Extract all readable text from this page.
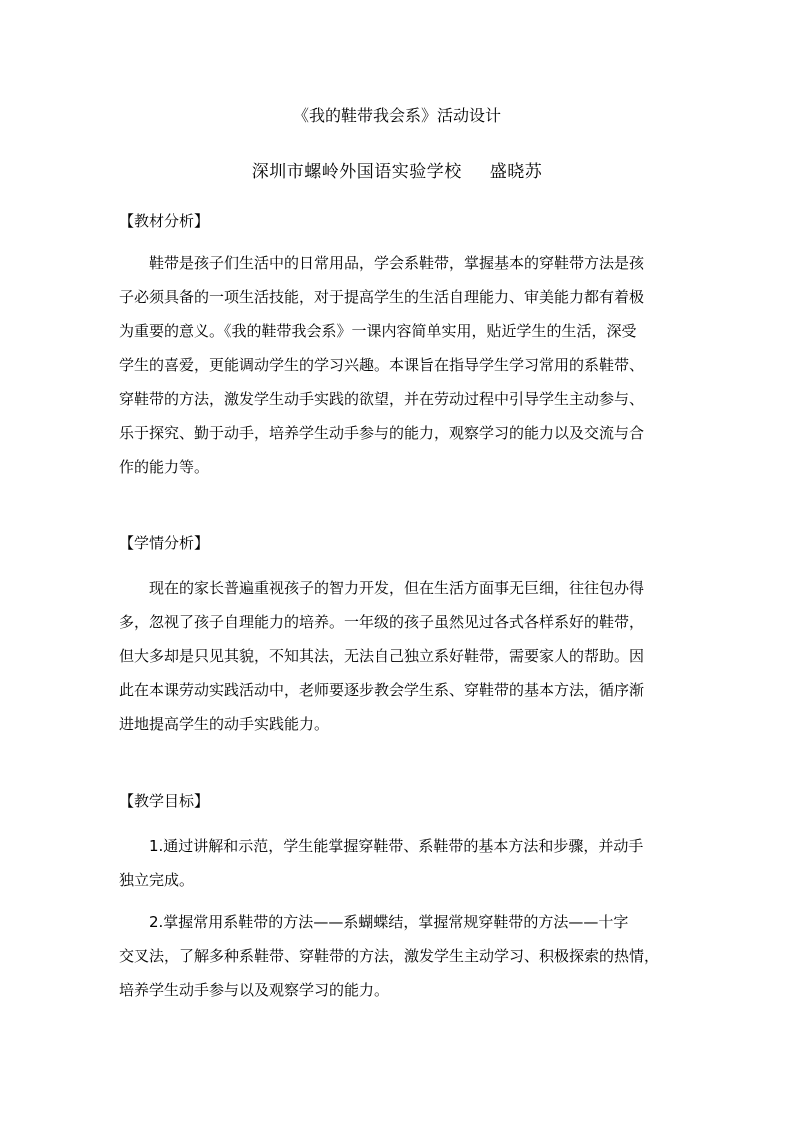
《我的鞋带我会系》活动设计
深圳市螺岭外国语实验学校 盛晓苏
【教材分析】
鞋带是孩子们生活中的日常用品，学会系鞋带，掌握基本的穿鞋带方法是孩
子必须具备的一项生活技能，对于提高学生的生活自理能力、审美能力都有着极
为重要的意义。《我的鞋带我会系》一课内容简单实用，贴近学生的生活，深受
学生的喜爱，更能调动学生的学习兴趣。本课旨在指导学生学习常用的系鞋带、
穿鞋带的方法，激发学生动手实践的欲望，并在劳动过程中引导学生主动参与、
乐于探究、勤于动手，培养学生动手参与的能力，观察学习的能力以及交流与合
作的能力等。
【学情分析】
现在的家长普遍重视孩子的智力开发，但在生活方面事无巨细，往往包办得
多，忽视了孩子自理能力的培养。一年级的孩子虽然见过各式各样系好的鞋带，
但大多却是只见其貌，不知其法，无法自己独立系好鞋带，需要家人的帮助。因
此在本课劳动实践活动中，老师要逐步教会学生系、穿鞋带的基本方法，循序渐
进地提高学生的动手实践能力。
【教学目标】
1.通过讲解和示范，学生能掌握穿鞋带、系鞋带的基本方法和步骤，并动手
独立完成。
2.掌握常用系鞋带的方法——系蝴蝶结，掌握常规穿鞋带的方法——十字
交叉法，了解多种系鞋带、穿鞋带的方法，激发学生主动学习、积极探索的热情，
培养学生动手参与以及观察学习的能力。
